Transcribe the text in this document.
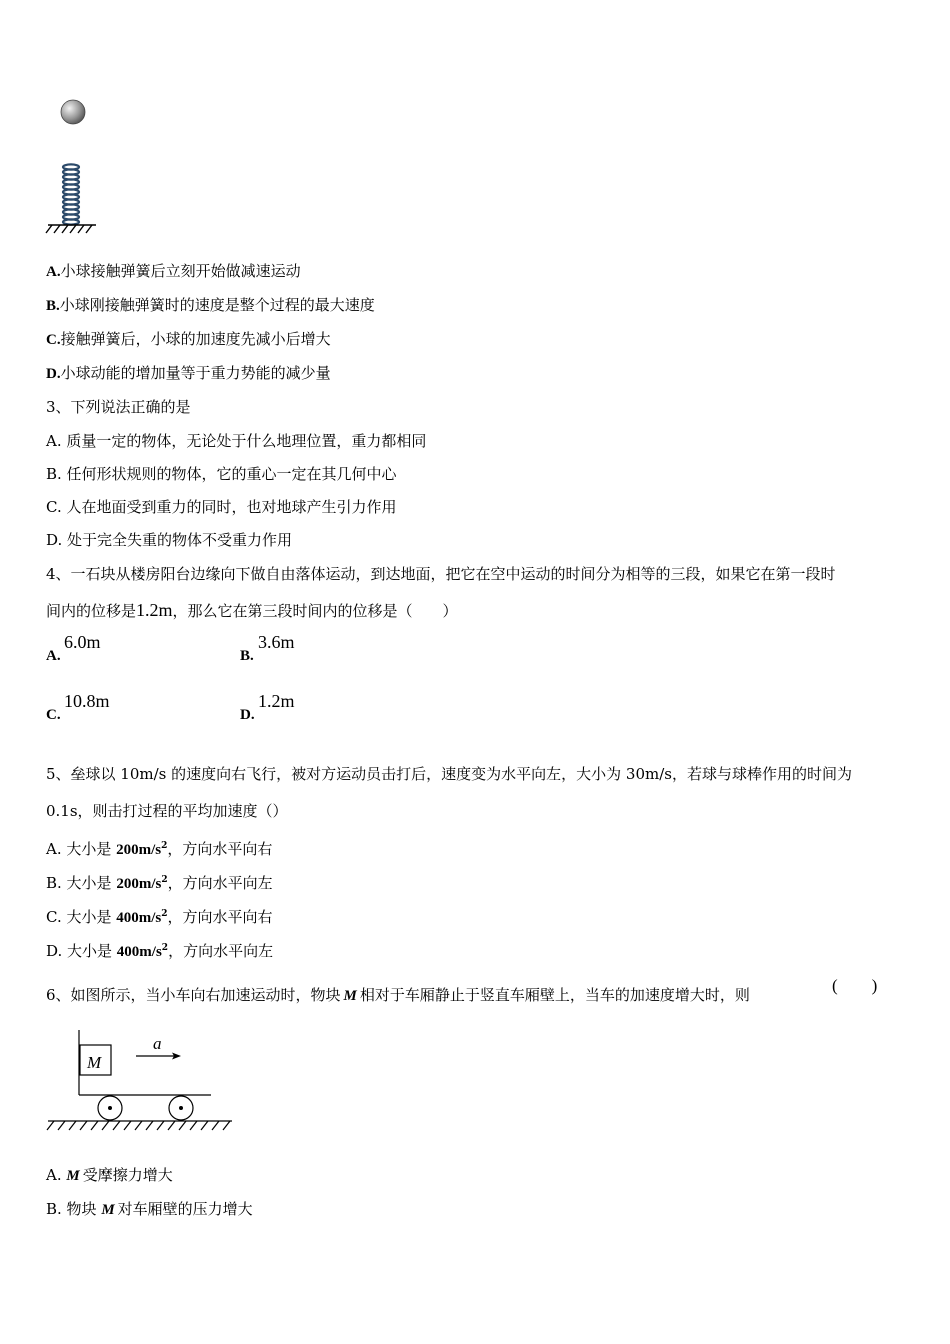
A.小球接触弹簧后立刻开始做减速运动
B.小球刚接触弹簧时的速度是整个过程的最大速度
C.接触弹簧后，小球的加速度先减小后增大
D.小球动能的增加量等于重力势能的减少量
3、下列说法正确的是
A. 质量一定的物体，无论处于什么地理位置，重力都相同
B. 任何形状规则的物体，它的重心一定在其几何中心
C. 人在地面受到重力的同时，也对地球产生引力作用
D. 处于完全失重的物体不受重力作用
4、一石块从楼房阳台边缘向下做自由落体运动，到达地面，把它在空中运动的时间分为相等的三段，如果它在第一段时
间内的位移是1.2m，那么它在第三段时间内的位移是（　　）
A.
6.0m
B.
3.6m
C.
10.8m
D.
1.2m
5、垒球以 10m/s 的速度向右飞行，被对方运动员击打后，速度变为水平向左，大小为 30m/s，若球与球棒作用的时间为
0.1s，则击打过程的平均加速度（）
A. 大小是 $200m/s^2$，方向水平向右
B. 大小是 $200m/s^2$，方向水平向左
C. 大小是 $400m/s^2$，方向水平向右
D. 大小是 $400m/s^2$，方向水平向左
6、如图所示，当小车向右加速运动时，物块 M 相对于车厢静止于竖直车厢壁上，当车的加速度增大时，则	(　　)
M
a
A. M 受摩擦力增大
B. 物块 M 对车厢壁的压力增大
